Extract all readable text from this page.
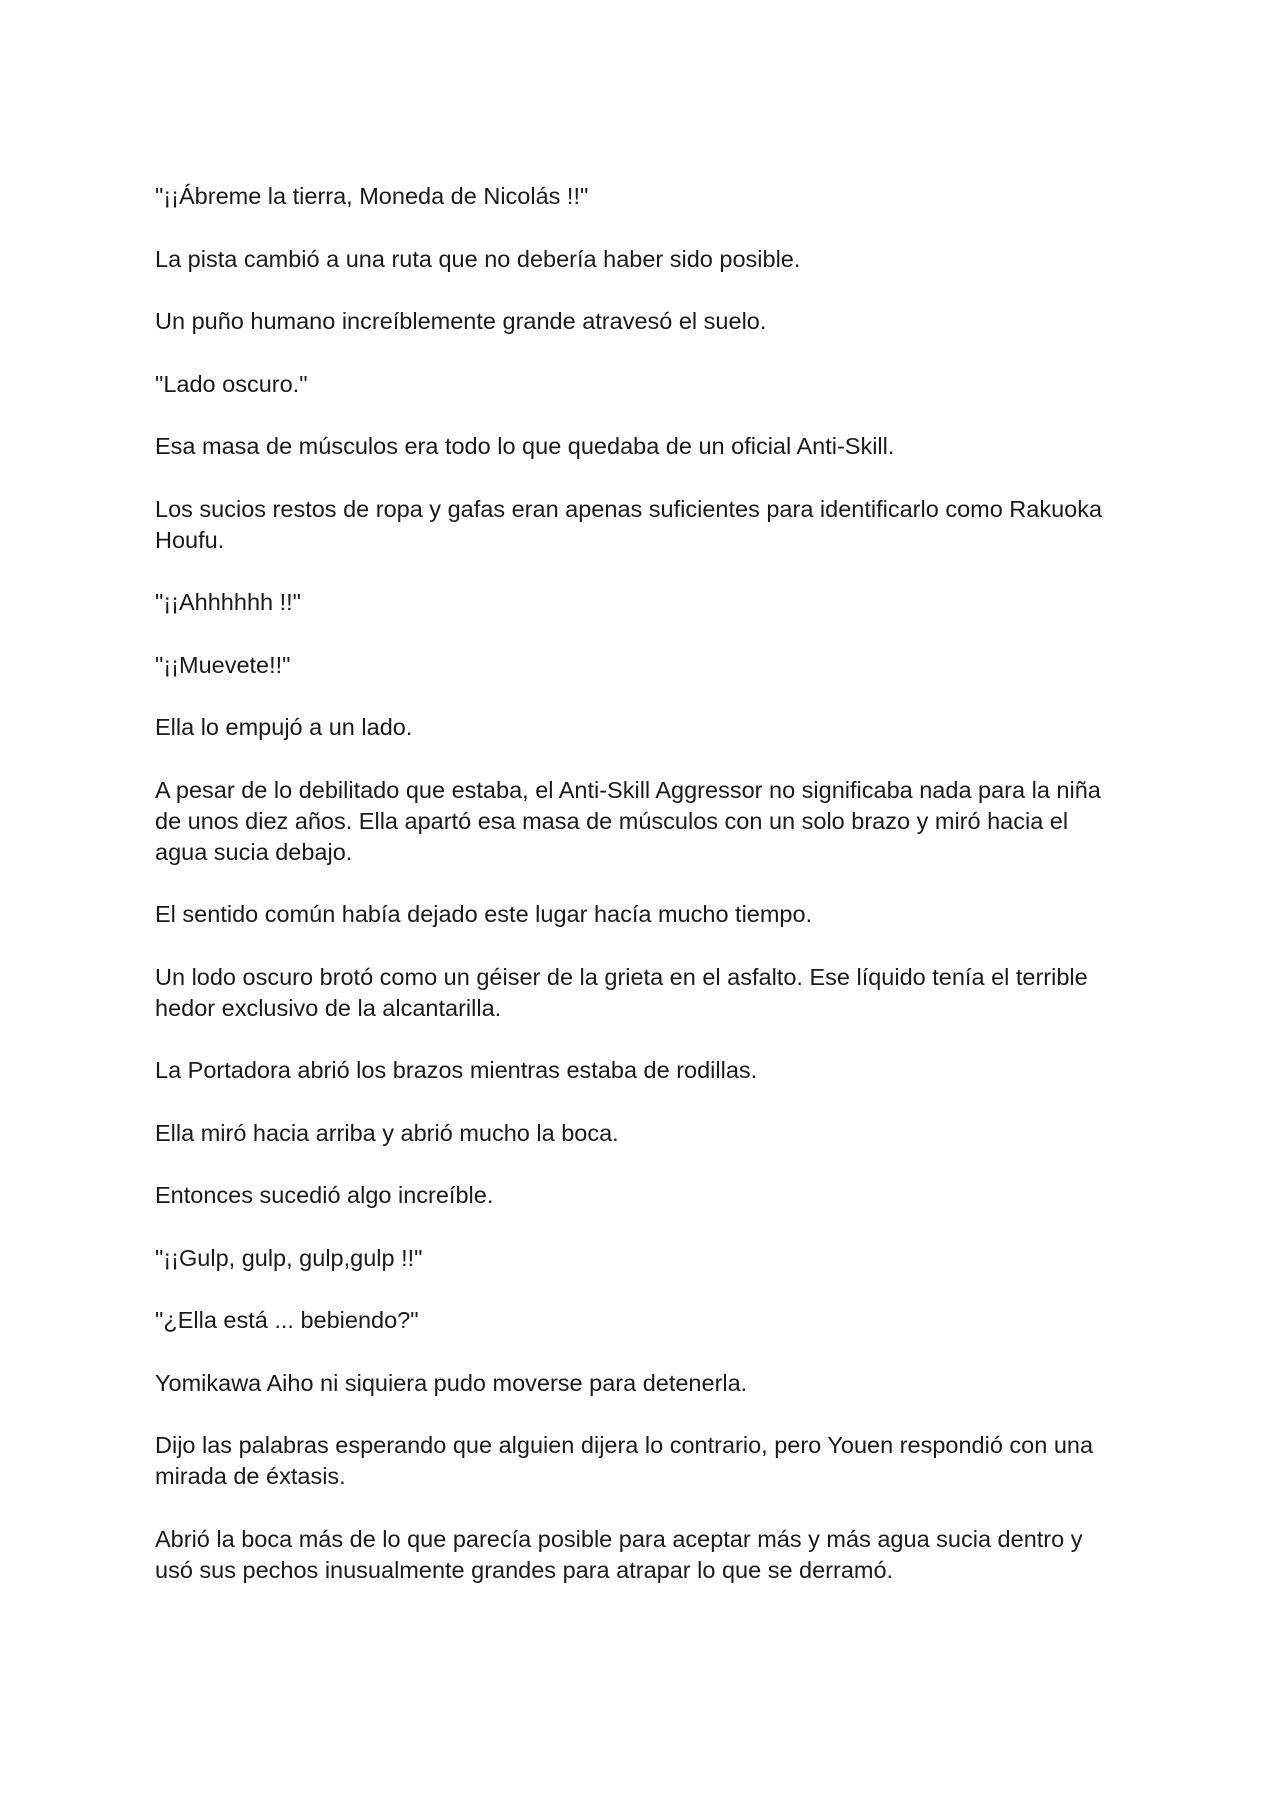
"¡¡Ábreme la tierra, Moneda de Nicolás !!"

La pista cambió a una ruta que no debería haber sido posible.

Un puño humano increíblemente grande atravesó el suelo.

"Lado oscuro."

Esa masa de músculos era todo lo que quedaba de un oficial Anti-Skill.

Los sucios restos de ropa y gafas eran apenas suficientes para identificarlo como Rakuoka Houfu.

"¡¡Ahhhhhh !!"

"¡¡Muevete!!"

Ella lo empujó a un lado.

A pesar de lo debilitado que estaba, el Anti-Skill Aggressor no significaba nada para la niña de unos diez años. Ella apartó esa masa de músculos con un solo brazo y miró hacia el agua sucia debajo.

El sentido común había dejado este lugar hacía mucho tiempo.

Un lodo oscuro brotó como un géiser de la grieta en el asfalto. Ese líquido tenía el terrible hedor exclusivo de la alcantarilla.

La Portadora abrió los brazos mientras estaba de rodillas.

Ella miró hacia arriba y abrió mucho la boca.

Entonces sucedió algo increíble.

"¡¡Gulp, gulp, gulp,gulp !!"

"¿Ella está ... bebiendo?"

Yomikawa Aiho ni siquiera pudo moverse para detenerla.

Dijo las palabras esperando que alguien dijera lo contrario, pero Youen respondió con una mirada de éxtasis.

Abrió la boca más de lo que parecía posible para aceptar más y más agua sucia dentro y usó sus pechos inusualmente grandes para atrapar lo que se derramó.
